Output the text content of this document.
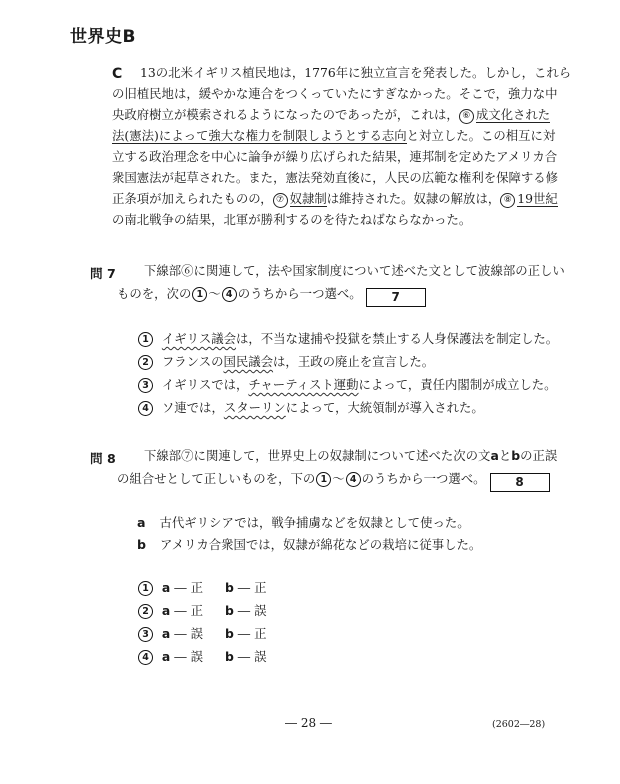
世界史B
C 13の北米イギリス植民地は，1776年に独立宣言を発表した。しかし，これら
の旧植民地は，緩やかな連合をつくっていたにすぎなかった。そこで，強力な中
央政府樹立が模索されるようになったのであったが，これは， ⑥ 成文化された
法(憲法)によって強大な権力を制限しようとする志向と対立した。この相互に対
立する政治理念を中心に論争が繰り広げられた結果，連邦制を定めたアメリカ合
衆国憲法が起草された。また，憲法発効直後に，人民の広範な権利を保障する修
正条項が加えられたものの， ⑦ 奴隷制は維持された。奴隷の解放は， ⑧ 19世紀
の南北戦争の結果，北軍が勝利するのを待たねばならなかった。
問 7 下線部⑥に関連して，法や国家制度について述べた文として波線部の正しい
ものを，次の 1 ～ 4 のうちから一つ選べ。 7
1 イギリス議会は，不当な逮捕や投獄を禁止する人身保護法を制定した。
2 フランスの国民議会は，王政の廃止を宣言した。
3 イギリスでは，チャーティスト運動によって，責任内閣制が成立した。
4 ソ連では，スターリンによって，大統領制が導入された。
問 8 下線部⑦に関連して，世界史上の奴隷制について述べた次の文aとbの正誤
の組合せとして正しいものを，下の 1 ～ 4 のうちから一つ選べ。 8
a 古代ギリシアでは，戦争捕虜などを奴隷として使った。
b アメリカ合衆国では，奴隷が綿花などの栽培に従事した。
1 a ― 正 b ― 正
2 a ― 正 b ― 誤
3 a ― 誤 b ― 正
4 a ― 誤 b ― 誤
― 28 ―	(2602―28)
